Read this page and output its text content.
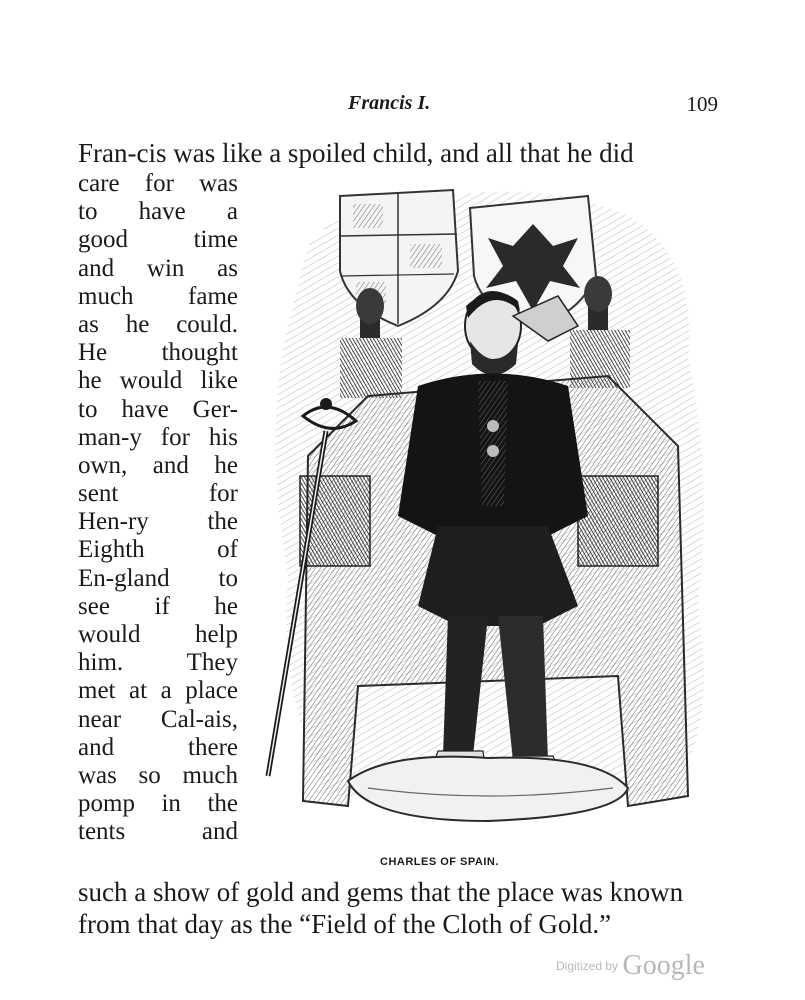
Francis I.	109
Fran-cis was like a spoiled child, and all that he did
care for was
to have a
good time
and win as
much fame
as he could.
He thought
he would like
to have Ger-
man-y for his
own, and he
sent for
Hen-ry the
Eighth of
En-gland to
see if he
would help
him. They
met at a place
near Cal-ais,
and there
was so much
pomp in the
tents and
CHARLES OF SPAIN.
such a show of gold and gems that the place was known
from that day as the “Field of the Cloth of Gold.”
Digitized by Google
